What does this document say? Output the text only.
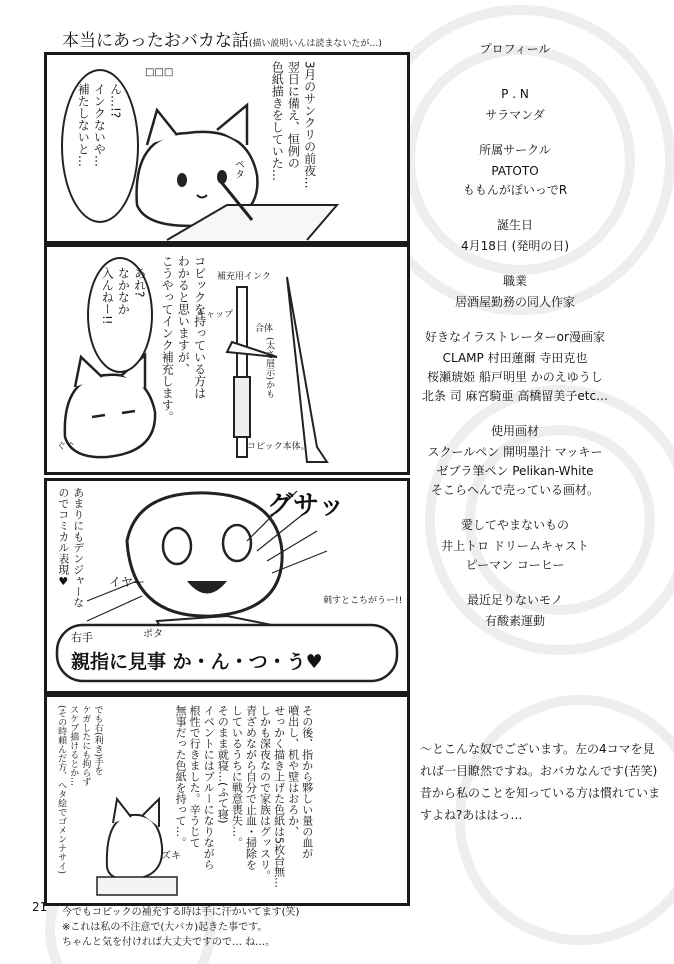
本当にあったおバカな話(描い説明いんは読まないたが…)
ん…!?
インクないや…
補たしないと…	3月のサンクリの前夜…
翌日に備え、恒例の
色紙描きをしていた…
□□□
ペタ
あれ?
なかなか
入んねー!!	コピックを持っている方は
わかると思いますが、
こうやってインク補充します。	補充用インク
キャップ
合体
(太さ展示)かも
コピック本体。
ぐぐ
あまりにもデンジャーな
のでコミカル表現♥	グサッ
イヤー
ポタ
刺すとこちがうー!!
右手
親指に見事 か・ん・つ・う♥
でも右(利き)手を
ケガしたにも拘らず
スケブ描けるとか…
(その時頼んだ方、へタ絵でゴメンナサイ)	その後、指から夥しい量の血が
噴出し、机や壁はおろか、
せっかく描き上げた色紙は5枚台無…
しかも深夜なので家族はグッスリ。
青ざめながら自分で止血・掃除を
しているうちに戦意喪失…。
そのまま就寝…(ふて寝)
イベントにはブルーになりながら
根性で行きました。辛うじて
無事だった色紙を持って…。
ズキ
今でもコピックの補充する時は手に汗かいてます(笑)
※これは私の不注意で(大バカ)起きた事です。
ちゃんと気を付ければ大丈夫ですので… ね…。
21
プロフィール
P . N
サラマンダ
所属サークル
PATOTO
ももんがぽいっでR
誕生日
4月18日 (発明の日)
職業
居酒屋勤務の同人作家
好きなイラストレーターor漫画家
CLAMP 村田蓮爾 寺田克也
桜瀬琥姫 船戸明里 かのえゆうし
北条 司 麻宮騎亜 高橋留美子etc…
使用画材
スクールペン 開明墨汁 マッキー
ゼブラ筆ペン Pelikan-White
そこらへんで売っている画材。
愛してやまないもの
井上トロ ドリームキャスト
ピーマン コーヒー
最近足りないモノ
有酸素運動
～とこんな奴でございます。左の4コマを見れば一目瞭然ですね。おバカなんです(苦笑)昔から私のことを知っている方は慣れていますよね?あははっ…
